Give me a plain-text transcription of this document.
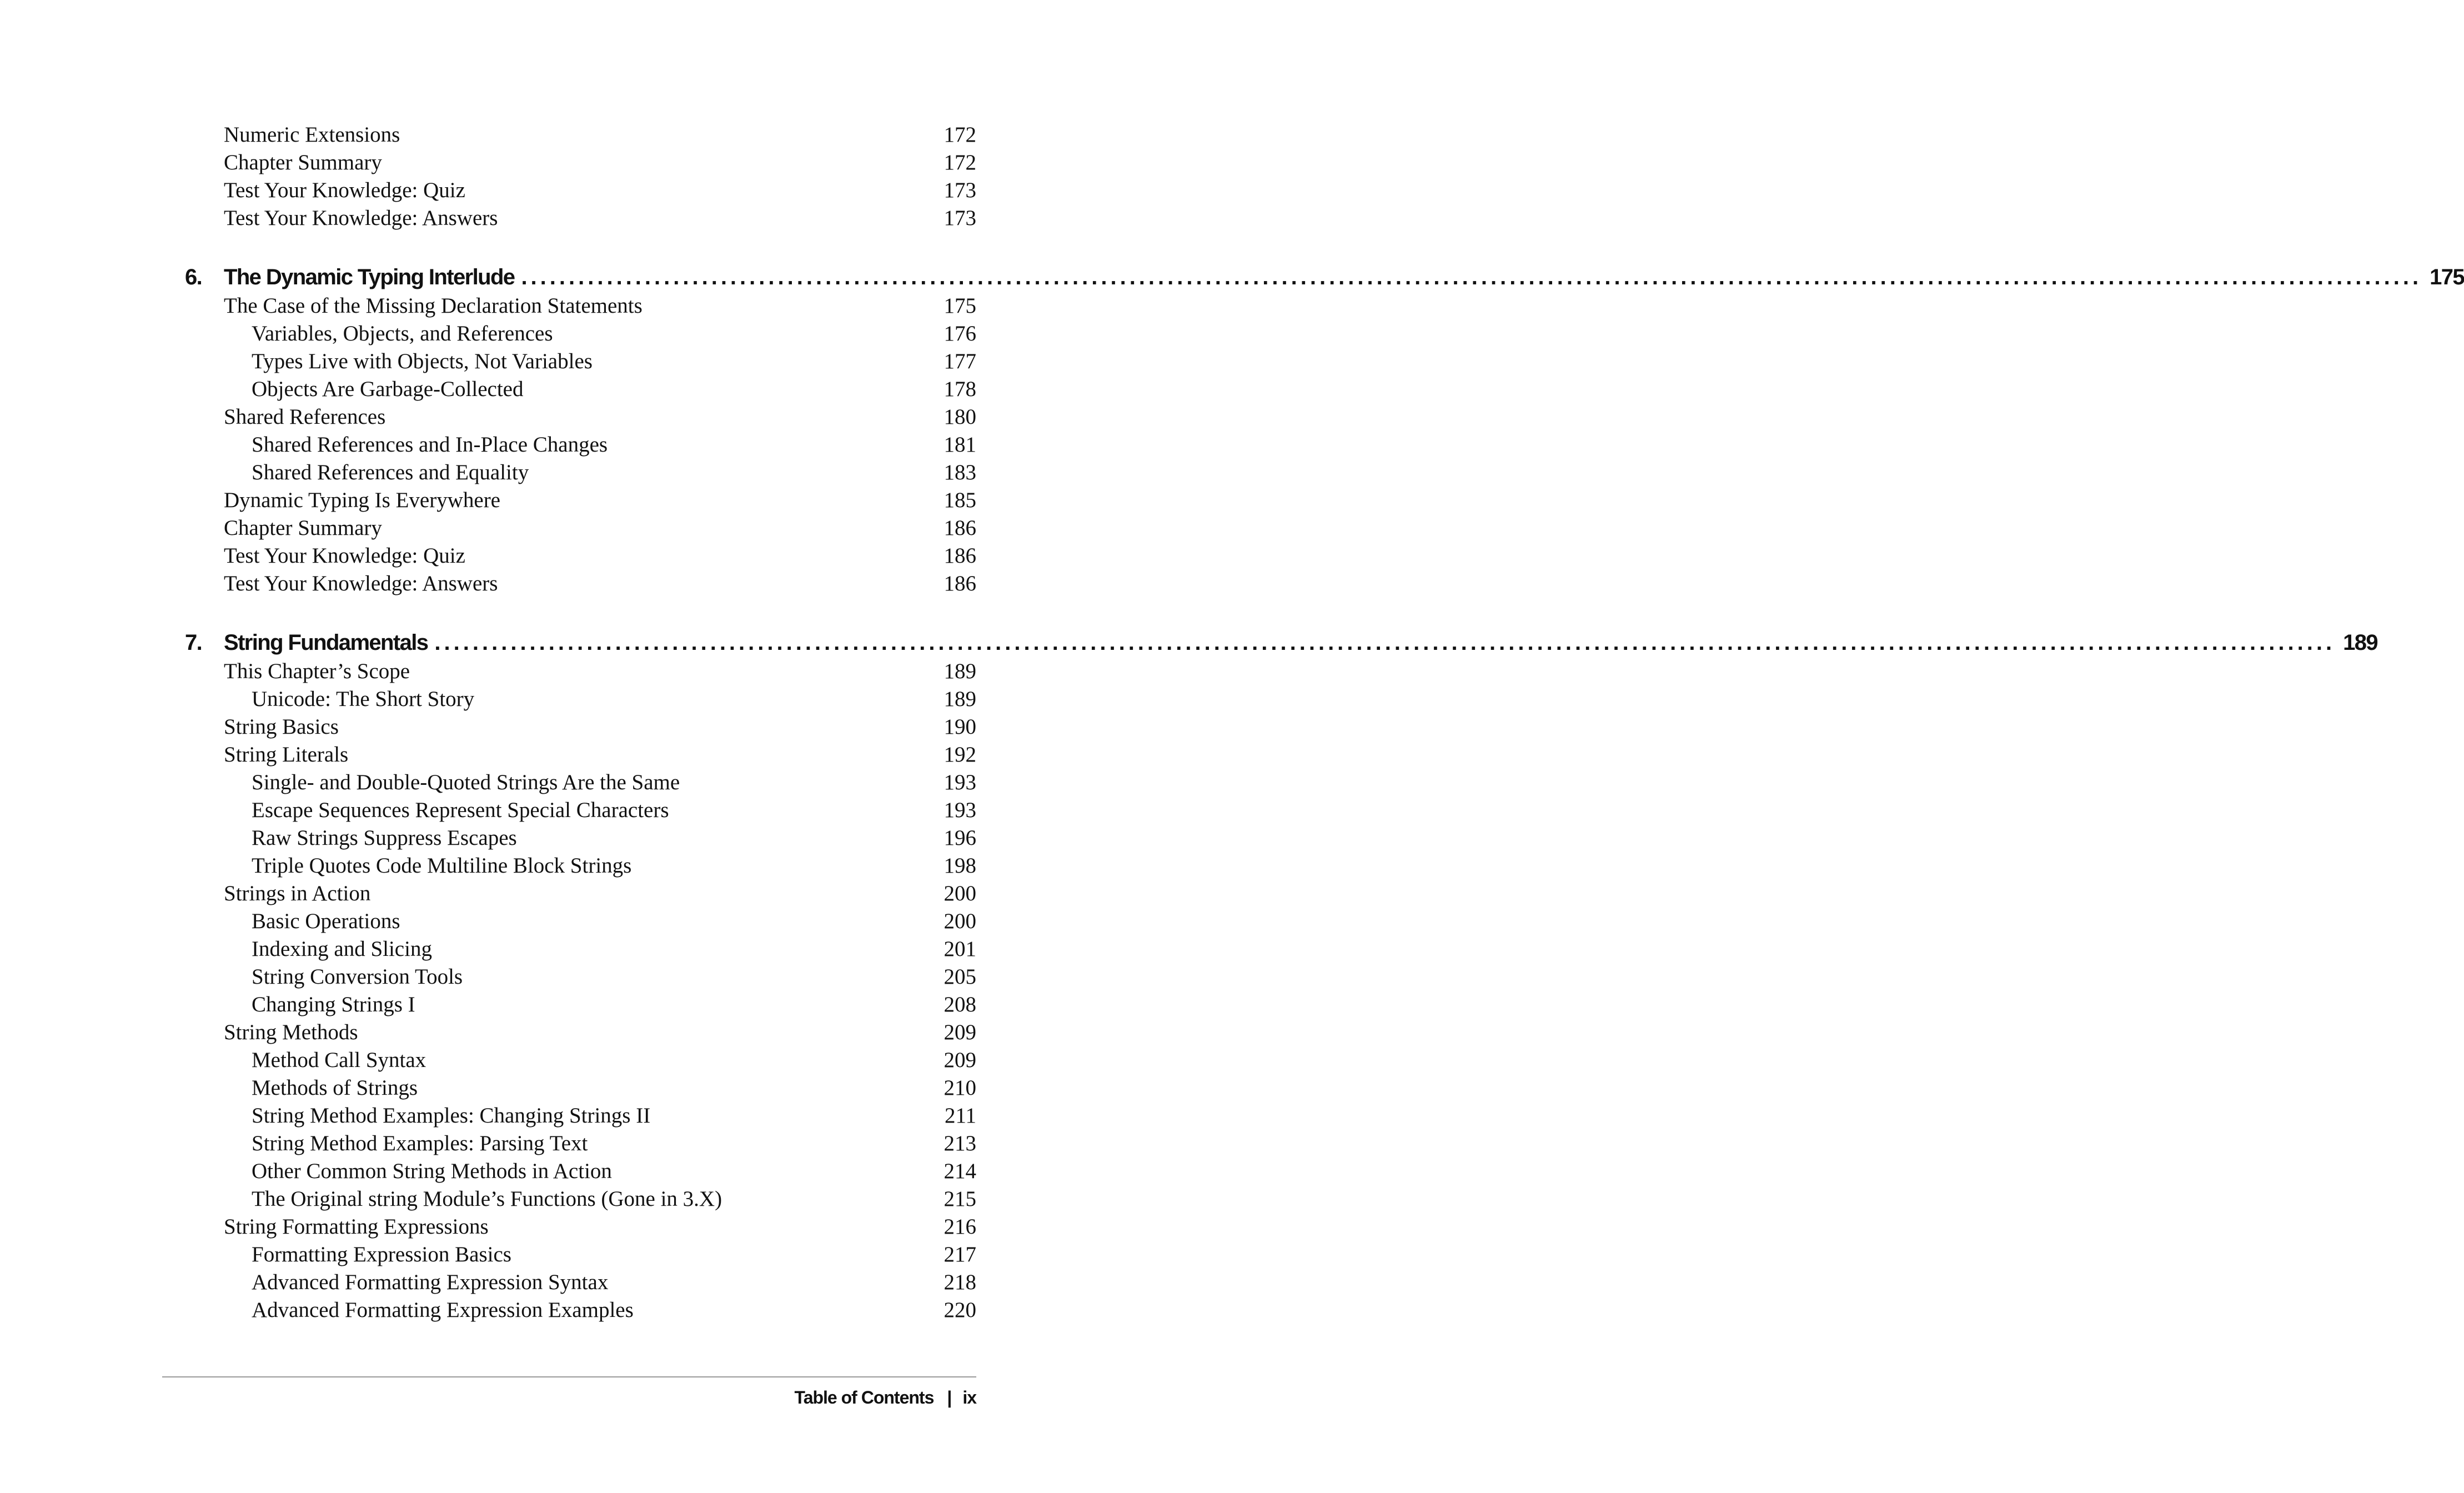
Numeric Extensions	172
Chapter Summary	172
Test Your Knowledge: Quiz	173
Test Your Knowledge: Answers	173
6. The Dynamic Typing Interlude ........................................................................................................................................................................................................ 175
The Case of the Missing Declaration Statements	175
Variables, Objects, and References	176
Types Live with Objects, Not Variables	177
Objects Are Garbage-Collected	178
Shared References	180
Shared References and In-Place Changes	181
Shared References and Equality	183
Dynamic Typing Is Everywhere	185
Chapter Summary	186
Test Your Knowledge: Quiz	186
Test Your Knowledge: Answers	186
7. String Fundamentals ........................................................................................................................................................................................................ 189
This Chapter’s Scope	189
Unicode: The Short Story	189
String Basics	190
String Literals	192
Single- and Double-Quoted Strings Are the Same	193
Escape Sequences Represent Special Characters	193
Raw Strings Suppress Escapes	196
Triple Quotes Code Multiline Block Strings	198
Strings in Action	200
Basic Operations	200
Indexing and Slicing	201
String Conversion Tools	205
Changing Strings I	208
String Methods	209
Method Call Syntax	209
Methods of Strings	210
String Method Examples: Changing Strings II	211
String Method Examples: Parsing Text	213
Other Common String Methods in Action	214
The Original string Module’s Functions (Gone in 3.X)	215
String Formatting Expressions	216
Formatting Expression Basics	217
Advanced Formatting Expression Syntax	218
Advanced Formatting Expression Examples	220
Table of Contents | ix
